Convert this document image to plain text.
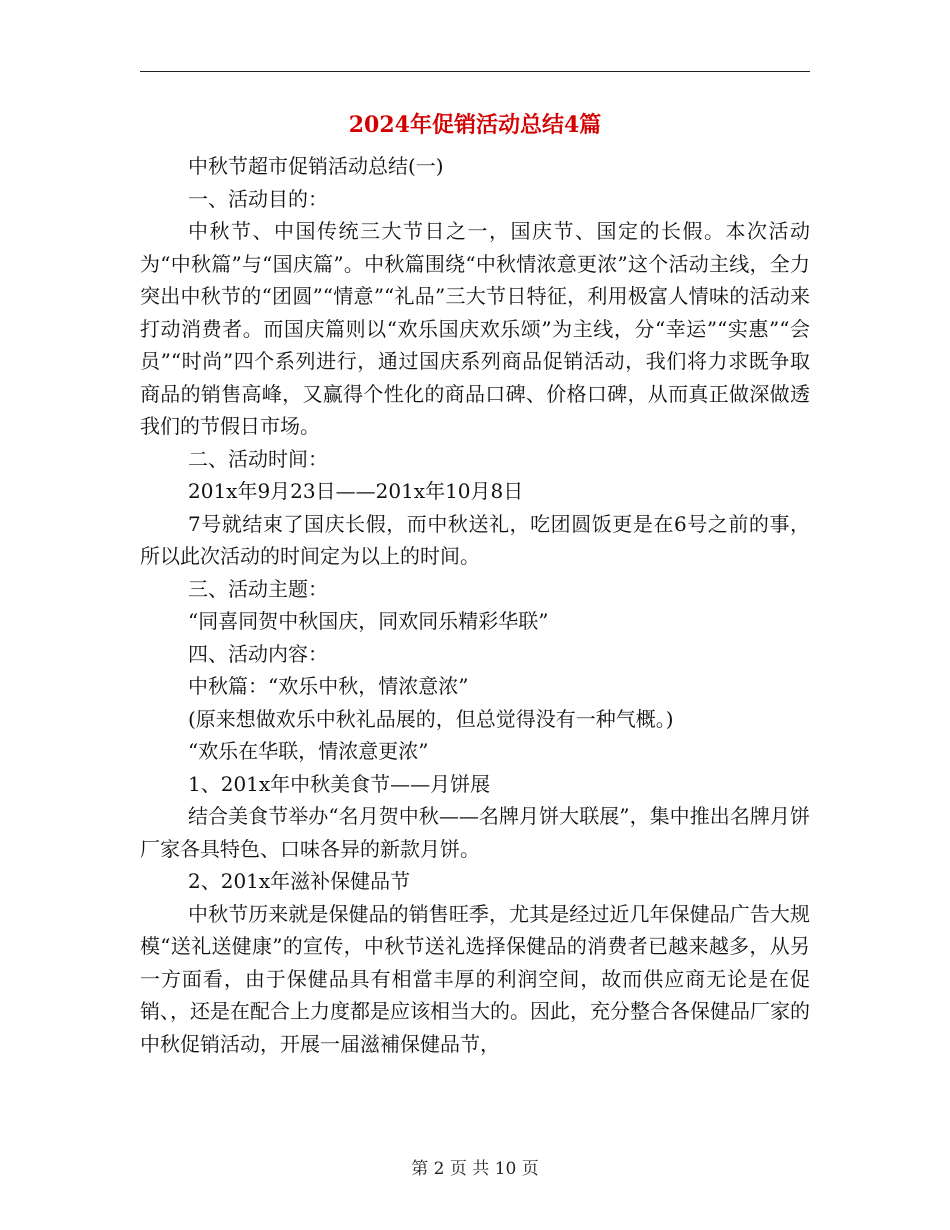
2024年促销活动总结4篇

中秋节超市促销活动总结(一)

一、活动目的：

中秋节、中国传统三大节日之一，国庆节、国定的长假。本次活动为“中秋篇”与“国庆篇”。中秋篇围绕“中秋情浓意更浓”这个活动主线，全力突出中秋节的“团圆”“情意”“礼品”三大节日特征，利用极富人情味的活动来打动消费者。而国庆篇则以“欢乐国庆欢乐颂”为主线，分“幸运”“实惠”“会员”“时尚”四个系列进行，通过国庆系列商品促销活动，我们将力求既争取商品的销售高峰，又赢得个性化的商品口碑、价格口碑，从而真正做深做透我们的节假日市场。

二、活动时间：

201x年9月23日——201x年10月8日

7号就结束了国庆长假，而中秋送礼，吃团圆饭更是在6号之前的事，所以此次活动的时间定为以上的时间。

三、活动主题：

“同喜同贺中秋国庆，同欢同乐精彩华联”

四、活动内容：

中秋篇：“欢乐中秋，情浓意浓”

(原来想做欢乐中秋礼品展的，但总觉得没有一种气概。)

“欢乐在华联，情浓意更浓”

1、201x年中秋美食节——月饼展

结合美食节举办“名月贺中秋——名牌月饼大联展”，集中推出名牌月饼厂家各具特色、口味各异的新款月饼。

2、201x年滋补保健品节

中秋节历来就是保健品的销售旺季，尤其是经过近几年保健品广告大规模“送礼送健康”的宣传，中秋节送礼选择保健品的消费者已越来越多，从另一方面看，由于保健品具有相當丰厚的利润空间，故而供应商无论是在促销、，还是在配合上力度都是应该相当大的。因此，充分整合各保健品厂家的中秋促销活动，开展一届滋補保健品节，

第 2 页 共 10 页
